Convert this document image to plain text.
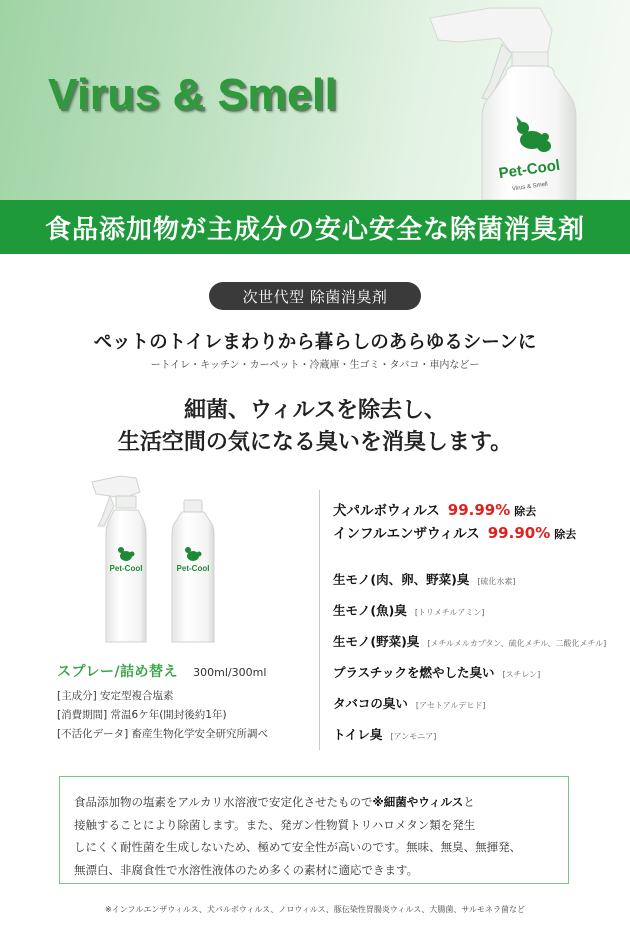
Virus & Smell
Pet-Cool
Virus & Smell
食品添加物が主成分の安心安全な除菌消臭剤
次世代型 除菌消臭剤
ペットのトイレまわりから暮らしのあらゆるシーンに
ートイレ・キッチン・カーペット・冷蔵庫・生ゴミ・タバコ・車内などー
細菌、ウィルスを除去し、
生活空間の気になる臭いを消臭します。
Pet-Cool	Pet-Cool
スプレー/詰め替え 300ml/300ml
[主成分] 安定型複合塩素
[消費期間] 常温6ケ年(開封後約1年)
[不活化データ] 畜産生物化学安全研究所調べ
犬パルボウィルス 99.99% 除去
インフルエンザウィルス 99.90% 除去
生モノ(肉、卵、野菜)臭 [硫化水素]
生モノ(魚)臭 [トリメチルアミン]
生モノ(野菜)臭 [メチルメルカプタン、硫化メチル、二酸化メチル]
プラスチックを燃やした臭い [スチレン]
タバコの臭い [アセトアルデヒド]
トイレ臭 [アンモニア]
食品添加物の塩素をアルカリ水溶液で安定化させたもので※細菌やウィルスと
接触することにより除菌します。また、発ガン性物質トリハロメタン類を発生
しにくく耐性菌を生成しないため、極めて安全性が高いのです。無味、無臭、無揮発、
無漂白、非腐食性で水溶性液体のため多くの素材に適応できます。
※インフルエンザウィルス、犬パルボウィルス、ノロウィルス、豚伝染性胃腸炎ウィルス、大腸菌、サルモネラ菌など
